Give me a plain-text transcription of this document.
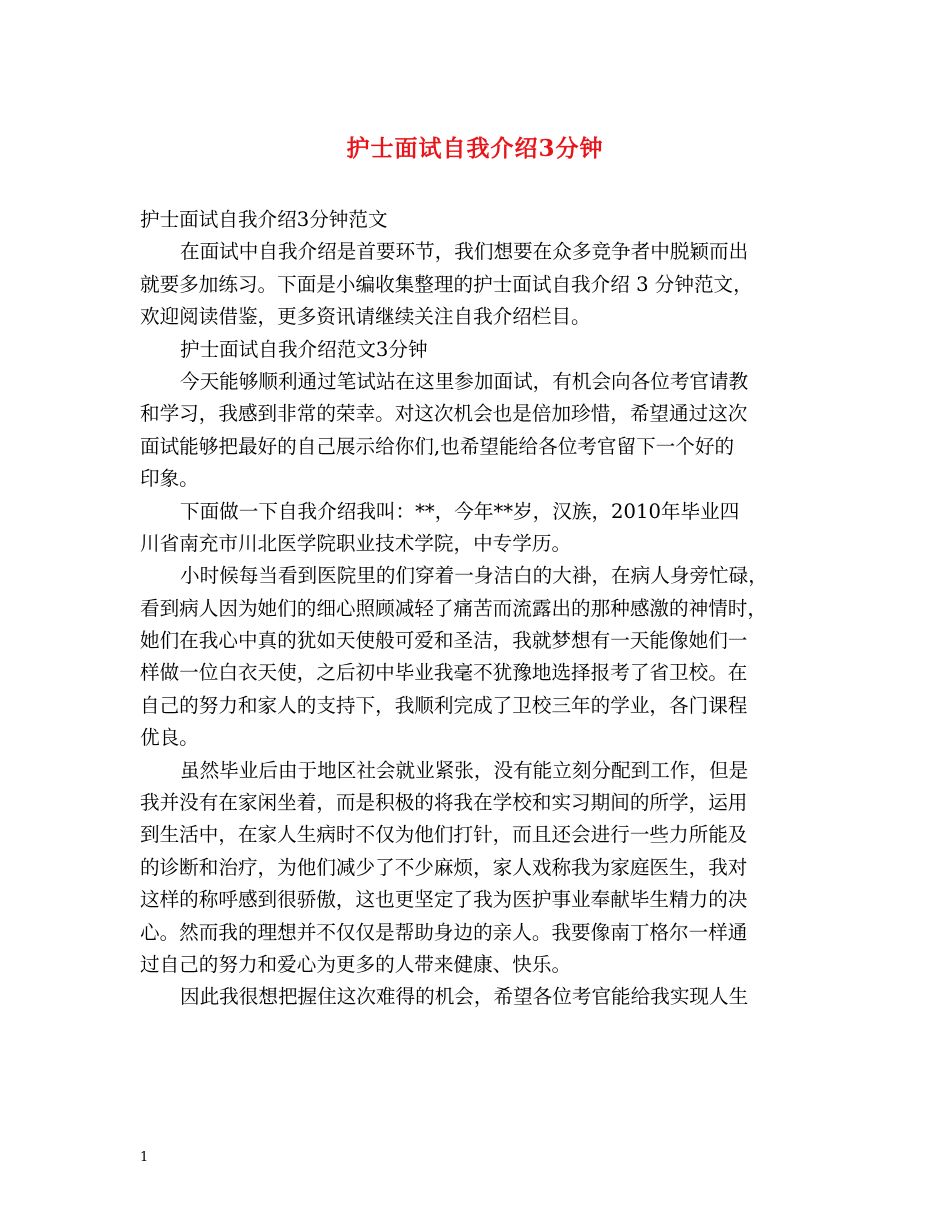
护士面试自我介绍3分钟
护士面试自我介绍3分钟范文
在面试中自我介绍是首要环节，我们想要在众多竞争者中脱颖而出
就要多加练习。下面是小编收集整理的护士面试自我介绍 3 分钟范文，
欢迎阅读借鉴，更多资讯请继续关注自我介绍栏目。
护士面试自我介绍范文3分钟
今天能够顺利通过笔试站在这里参加面试，有机会向各位考官请教
和学习，我感到非常的荣幸。对这次机会也是倍加珍惜，希望通过这次
面试能够把最好的自己展示给你们,也希望能给各位考官留下一个好的
印象。
下面做一下自我介绍我叫：**，今年**岁，汉族，2010年毕业四
川省南充市川北医学院职业技术学院，中专学历。
小时候每当看到医院里的们穿着一身洁白的大褂，在病人身旁忙碌，
看到病人因为她们的细心照顾减轻了痛苦而流露出的那种感激的神情时，
她们在我心中真的犹如天使般可爱和圣洁，我就梦想有一天能像她们一
样做一位白衣天使，之后初中毕业我毫不犹豫地选择报考了省卫校。在
自己的努力和家人的支持下，我顺利完成了卫校三年的学业，各门课程
优良。
虽然毕业后由于地区社会就业紧张，没有能立刻分配到工作，但是
我并没有在家闲坐着，而是积极的将我在学校和实习期间的所学，运用
到生活中，在家人生病时不仅为他们打针，而且还会进行一些力所能及
的诊断和治疗，为他们减少了不少麻烦，家人戏称我为家庭医生，我对
这样的称呼感到很骄傲，这也更坚定了我为医护事业奉献毕生精力的决
心。然而我的理想并不仅仅是帮助身边的亲人。我要像南丁格尔一样通
过自己的努力和爱心为更多的人带来健康、快乐。
因此我很想把握住这次难得的机会，希望各位考官能给我实现人生
1
